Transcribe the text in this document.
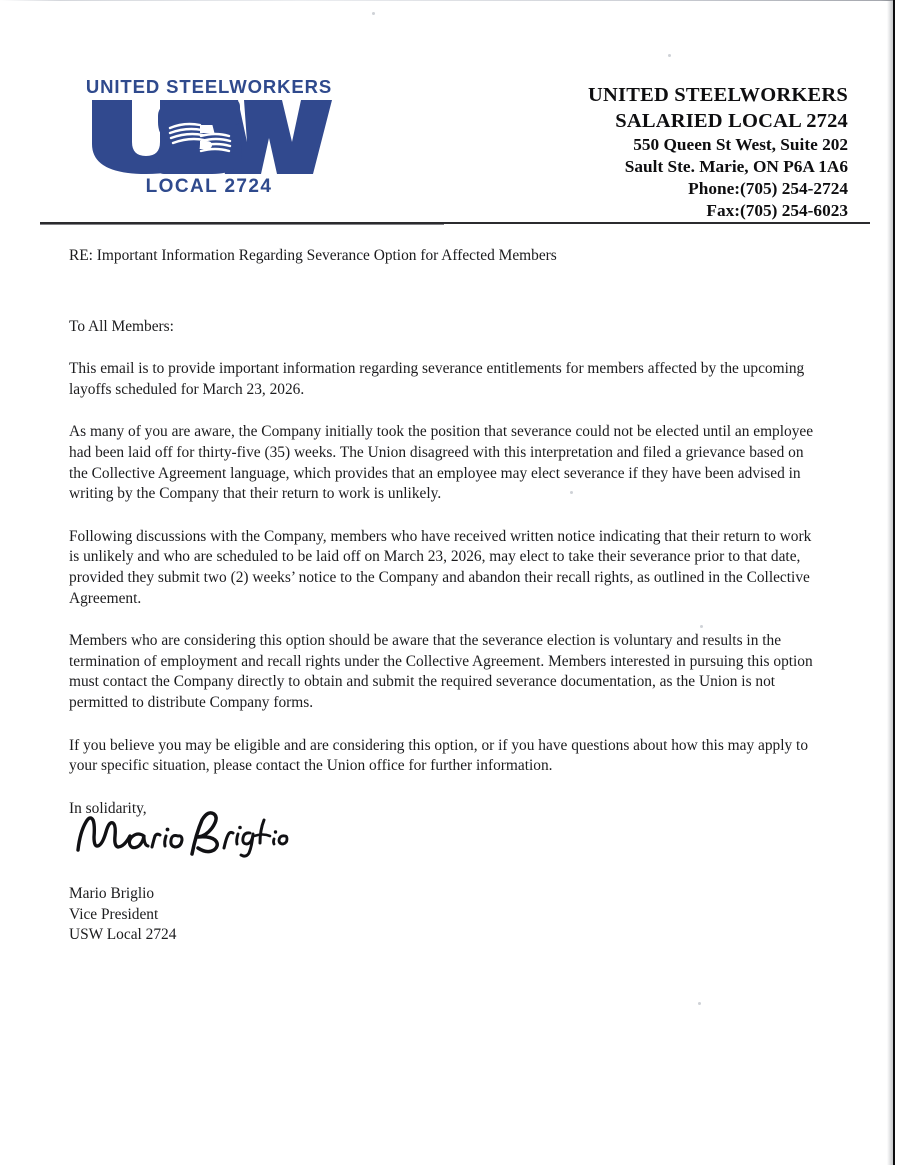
UNITED STEELWORKERS
LOCAL 2724
UNITED STEELWORKERS
SALARIED LOCAL 2724
550 Queen St West, Suite 202
Sault Ste. Marie, ON P6A 1A6
Phone:(705) 254-2724
Fax:(705) 254-6023

RE: Important Information Regarding Severance Option for Affected Members

To All Members:

This email is to provide important information regarding severance entitlements for members affected by the upcoming layoffs scheduled for March 23, 2026.

As many of you are aware, the Company initially took the position that severance could not be elected until an employee had been laid off for thirty-five (35) weeks. The Union disagreed with this interpretation and filed a grievance based on the Collective Agreement language, which provides that an employee may elect severance if they have been advised in writing by the Company that their return to work is unlikely.

Following discussions with the Company, members who have received written notice indicating that their return to work is unlikely and who are scheduled to be laid off on March 23, 2026, may elect to take their severance prior to that date, provided they submit two (2) weeks’ notice to the Company and abandon their recall rights, as outlined in the Collective Agreement.

Members who are considering this option should be aware that the severance election is voluntary and results in the termination of employment and recall rights under the Collective Agreement. Members interested in pursuing this option must contact the Company directly to obtain and submit the required severance documentation, as the Union is not permitted to distribute Company forms.

If you believe you may be eligible and are considering this option, or if you have questions about how this may apply to your specific situation, please contact the Union office for further information.

In solidarity,

Mario Briglio
Vice President
USW Local 2724
